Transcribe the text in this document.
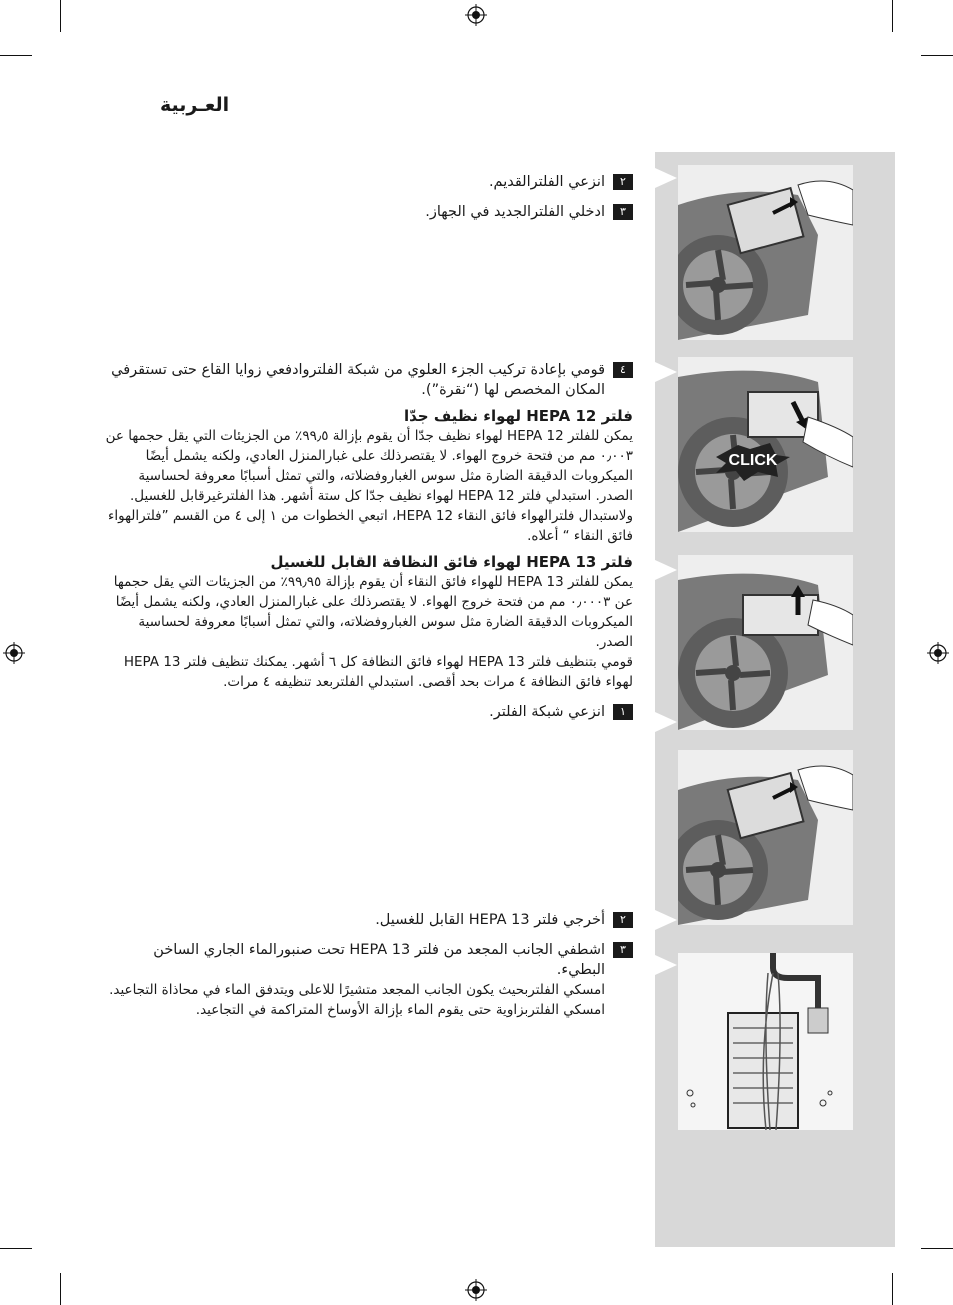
العـربية
CLICK
٢
انزعي الفلترالقديم.
٣
ادخلي الفلترالجديد في الجهاز.
٤
قومي بإعادة تركيب الجزء العلوي من شبكة الفلتروادفعي زوايا القاع حتى تستقرفي المكان المخصص لها (“نقرة”).
فلتر HEPA 12 لهواء نظيف جدّا
يمكن للفلتر HEPA 12 لهواء نظيف جدّا أن يقوم بإزالة ٩٩٫٥٪ من الجزيئات التي يقل حجمها عن ٠٫٠٠٣ مم من فتحة خروج الهواء. لا يقتصرذلك على غبارالمنزل العادي، ولكنه يشمل أيضًا الميكروبات الدقيقة الضارة مثل سوس الغباروفضلاته، والتي تمثل أسبابًا معروفة لحساسية الصدر. استبدلي فلتر HEPA 12 لهواء نظيف جدّا كل ستة أشهر. هذا الفلترغيرقابل للغسيل. ولاستبدال فلترالهواء فائق النقاء HEPA 12، اتبعي الخطوات من ١ إلى ٤ من القسم ”فلترالهواء فائق النقاء “ أعلاه.
فلتر HEPA 13 لهواء فائق النظافة القابل للغسيل
يمكن للفلتر HEPA 13 للهواء فائق النقاء أن يقوم بإزالة ٩٩٫٩٥٪ من الجزيئات التي يقل حجمها عن ٠٫٠٠٠٣ مم من فتحة خروج الهواء. لا يقتصرذلك على غبارالمنزل العادي، ولكنه يشمل أيضًا الميكروبات الدقيقة الضارة مثل سوس الغباروفضلاته، والتي تمثل أسبابًا معروفة لحساسية الصدر.
قومي بتنظيف فلتر HEPA 13 لهواء فائق النظافة كل ٦ أشهر. يمكنك تنظيف فلتر HEPA 13 لهواء فائق النظافة ٤ مرات بحد أقصى. استبدلي الفلتربعد تنظيفه ٤ مرات.
١
انزعي شبكة الفلتر.
٢
أخرجي فلتر HEPA 13 القابل للغسيل.
٣
اشطفي الجانب المجعد من فلتر HEPA 13 تحت صنبورالماء الجاري الساخن البطيء.
امسكي الفلتربحيث يكون الجانب المجعد متشيرًا للاعلى ويتدفق الماء في محاذاة التجاعيد.
امسكي الفلتربزاوية حتى يقوم الماء بإزالة الأوساخ المتراكمة في التجاعيد.
